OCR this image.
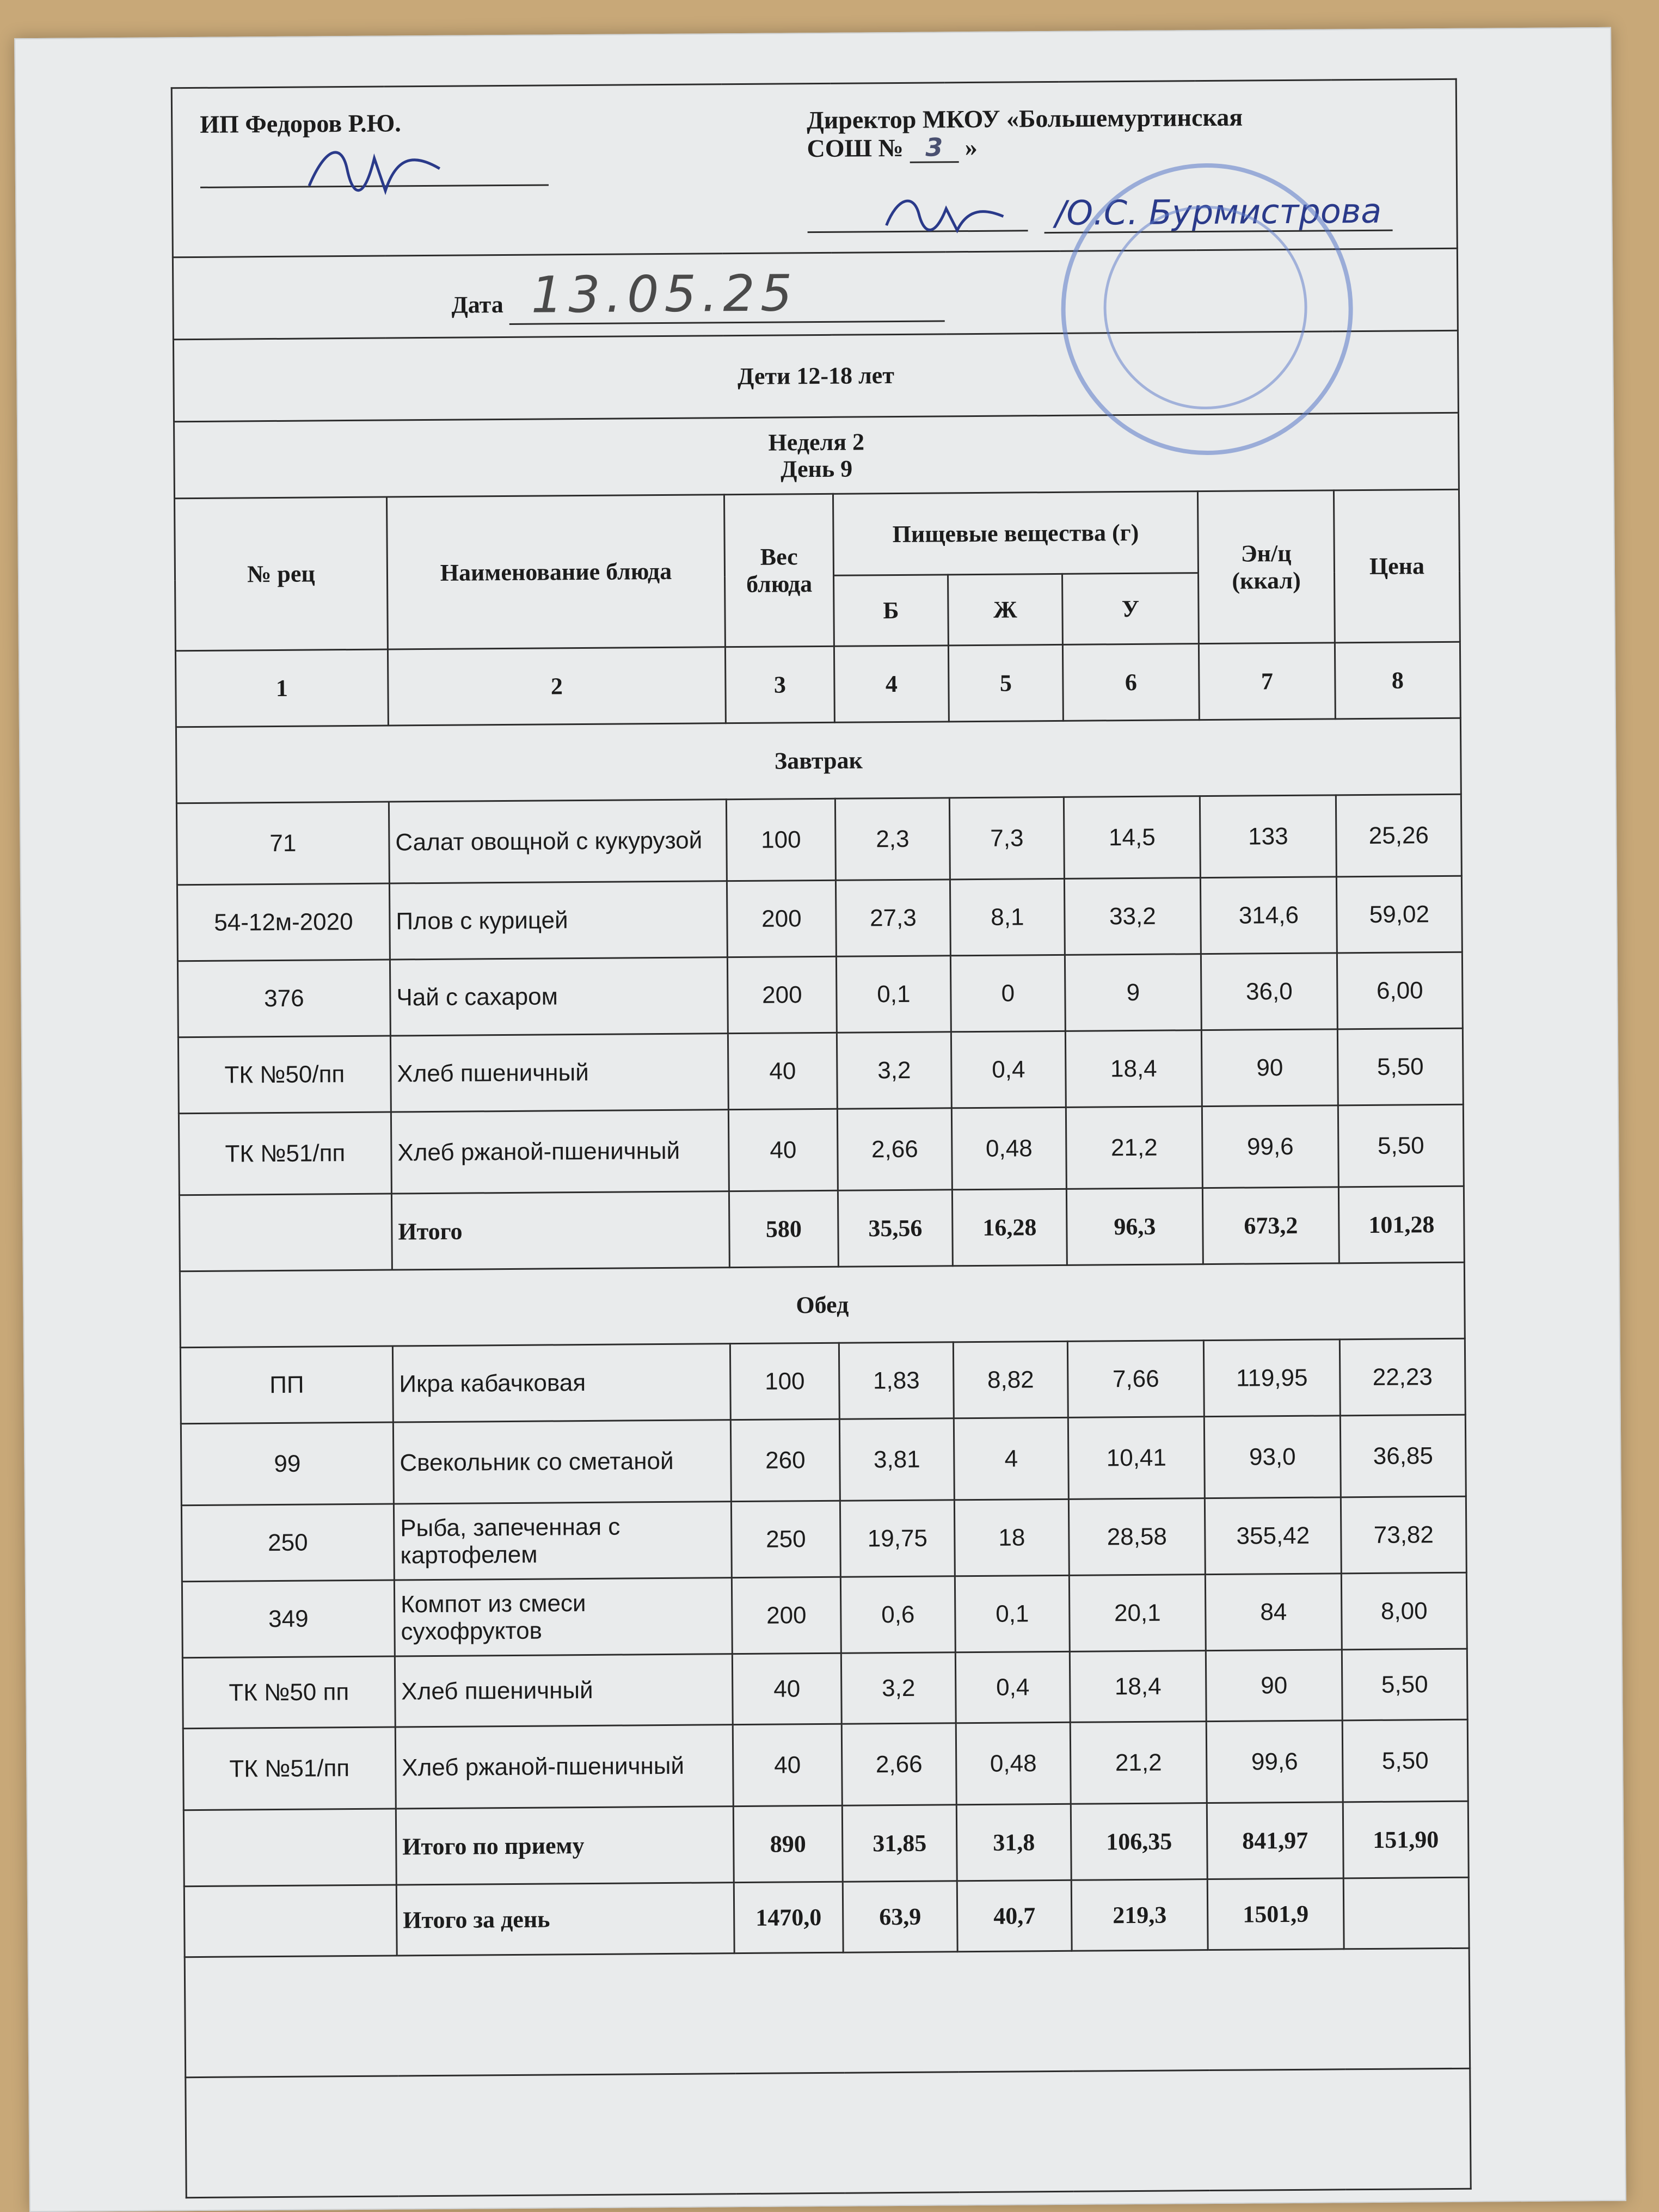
ИП Федоров Р.Ю. Директор МКОУ «Большемуртинская
СОШ № 3 »
/О.С. Бурмистрова							

Дата 13.05.25							
Дети 12-18 лет							

Неделя 2
День 9							

№ рец	Наименование блюда	Вес блюда	Пищевые вещества (г)			Эн/ц (ккал)	Цена
			Б	Ж	У		
1	2	3	4	5	6	7	8
Завтрак							
71	Салат овощной с кукурузой	100	2,3	7,3	14,5	133	25,26
54-12м-2020	Плов с курицей	200	27,3	8,1	33,2	314,6	59,02
376	Чай с сахаром	200	0,1	0	9	36,0	6,00
ТК №50/пп	Хлеб пшеничный	40	3,2	0,4	18,4	90	5,50
ТК №51/пп	Хлеб ржаной-пшеничный	40	2,66	0,48	21,2	99,6	5,50
	Итого	580	35,56	16,28	96,3	673,2	101,28
Обед							
ПП	Икра кабачковая	100	1,83	8,82	7,66	119,95	22,23
99	Свекольник со сметаной	260	3,81	4	10,41	93,0	36,85
250	Рыба, запеченная с картофелем	250	19,75	18	28,58	355,42	73,82
349	Компот из смеси сухофруктов	200	0,6	0,1	20,1	84	8,00
ТК №50 пп	Хлеб пшеничный	40	3,2	0,4	18,4	90	5,50
ТК №51/пп	Хлеб ржаной-пшеничный	40	2,66	0,48	21,2	99,6	5,50
	Итого по приему	890	31,85	31,8	106,35	841,97	151,90
	Итого за день	1470,0	63,9	40,7	219,3	1501,9	
